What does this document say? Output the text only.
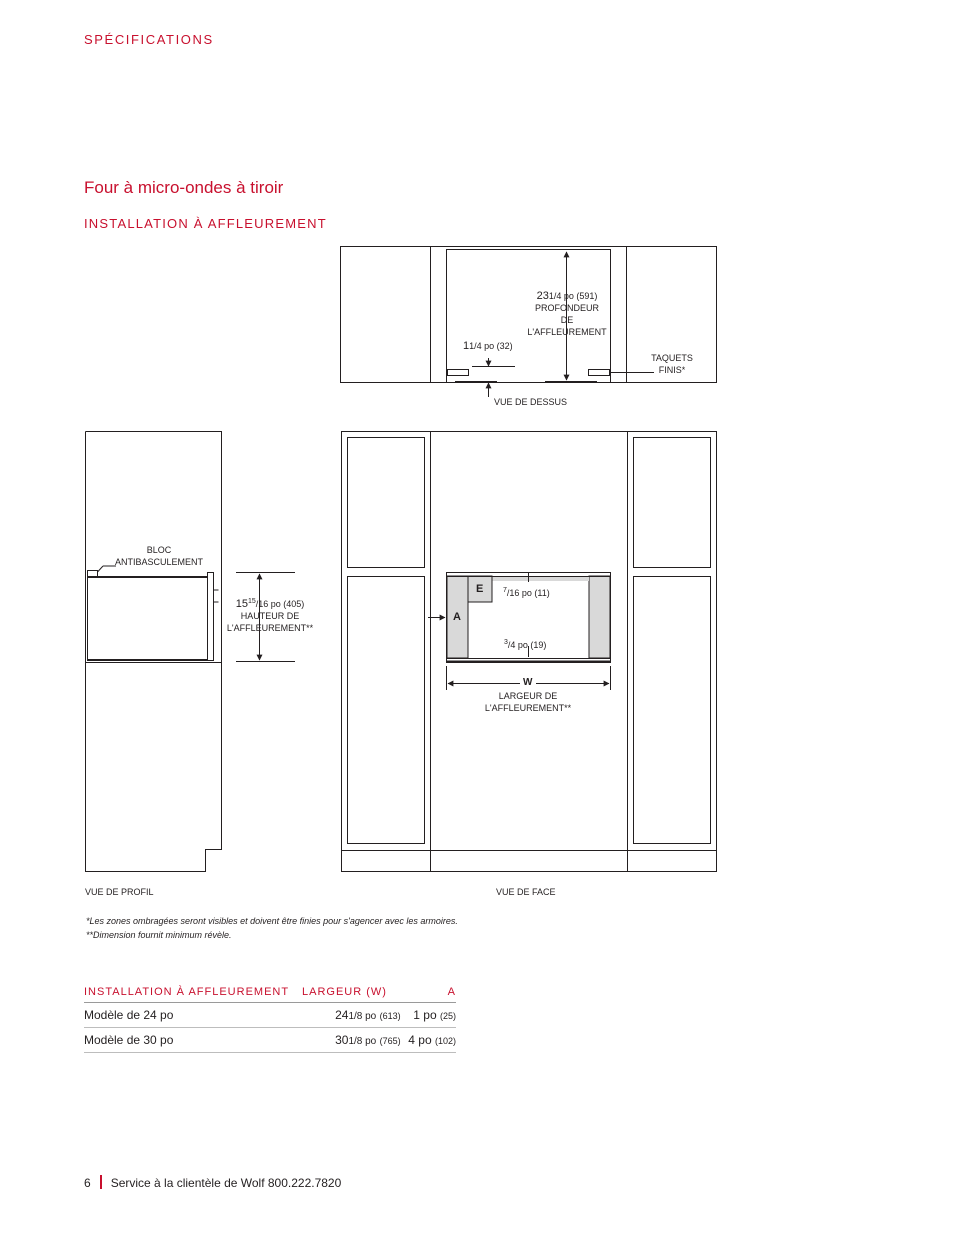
SPÉCIFICATIONS
Four à micro-ondes à tiroir
INSTALLATION À AFFLEUREMENT
231/4 po (591)
PROFONDEUR
DE
L'AFFLEUREMENT
11/4 po (32)
TAQUETS
FINIS*
VUE DE DESSUS
BLOC
ANTIBASCULEMENT
$15^{15}/16$ po (405)
HAUTEUR DE
L'AFFLEUREMENT**
VUE DE PROFIL
E
A
$^7$/16 po (11)
$^3$/4 po (19)
W
LARGEUR DE
L'AFFLEUREMENT**
VUE DE FACE
*Les zones ombragées seront visibles et doivent être finies pour s'agencer avec les armoires.
**Dimension fournit minimum révèle.
INSTALLATION À AFFLEUREMENT	LARGEUR (W)	A
Modèle de 24 po	241/8 po (613)	1 po (25)
Modèle de 30 po	301/8 po (765)	4 po (102)
6 Service à la clientèle de Wolf 800.222.7820
